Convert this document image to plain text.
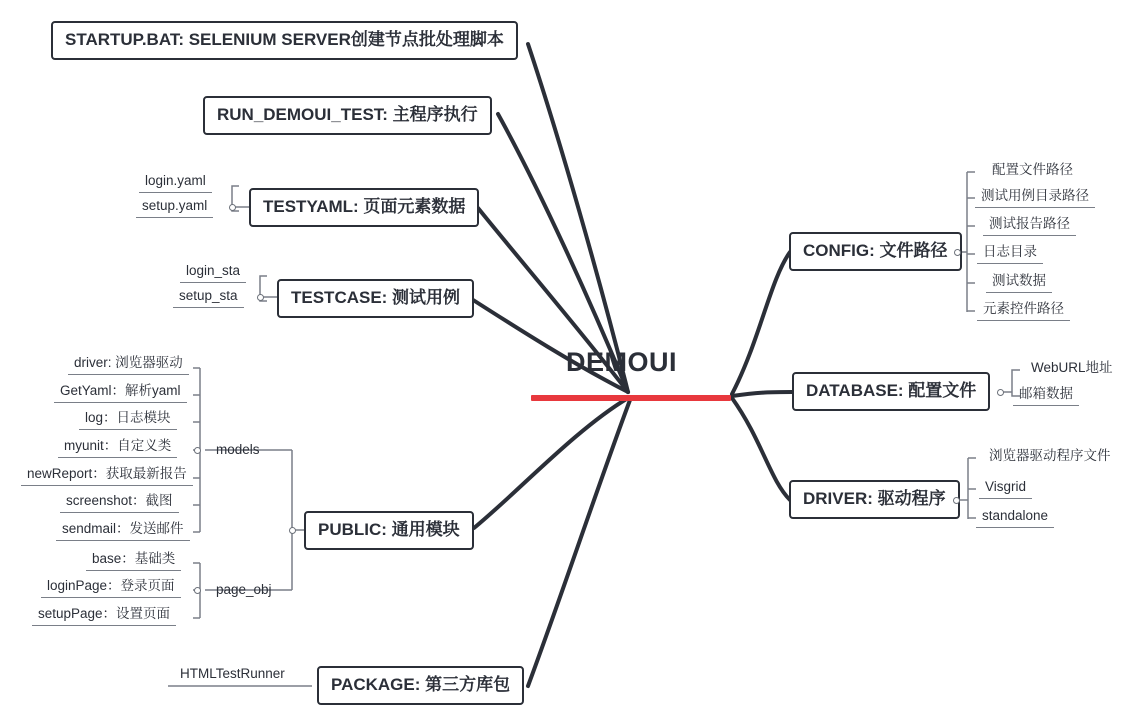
DEMOUI
STARTUP.BAT: SELENIUM SERVER创建节点批处理脚本
RUN_DEMOUI_TEST: 主程序执行
TESTYAML: 页面元素数据
TESTCASE: 测试用例
PUBLIC: 通用模块
PACKAGE: 第三方库包
CONFIG: 文件路径
DATABASE: 配置文件
DRIVER: 驱动程序
login.yaml
setup.yaml
login_sta
setup_sta
models
page_obj
driver: 浏览器驱动
GetYaml：解析yaml
log：日志模块
myunit：自定义类
newReport：获取最新报告
screenshot：截图
sendmail：发送邮件
base：基础类
loginPage：登录页面
setupPage：设置页面
HTMLTestRunner
配置文件路径
测试用例目录路径
测试报告路径
日志目录
测试数据
元素控件路径
WebURL地址
邮箱数据
浏览器驱动程序文件
Visgrid
standalone
